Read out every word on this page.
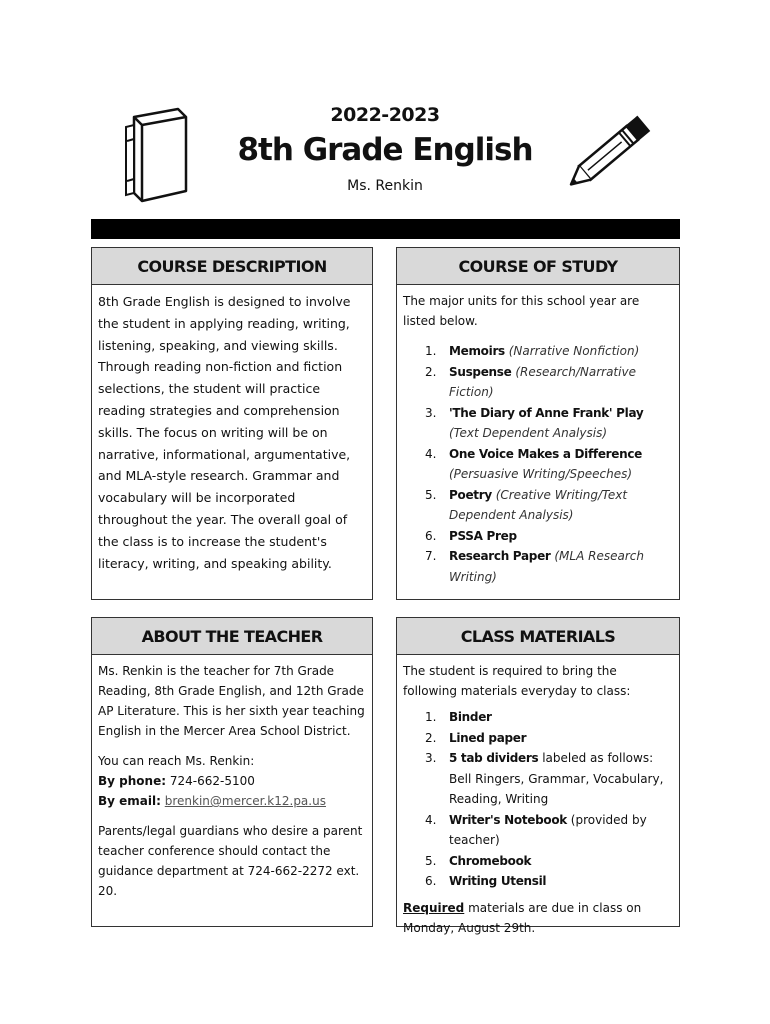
2022-2023
8th Grade English
Ms. Renkin
COURSE DESCRIPTION

8th Grade English is designed to involve the student in applying reading, writing, listening, speaking, and viewing skills. Through reading non-fiction and fiction selections, the student will practice reading strategies and comprehension skills. The focus on writing will be on narrative, informational, argumentative, and MLA-style research. Grammar and vocabulary will be incorporated throughout the year. The overall goal of the class is to increase the student's literacy, writing, and speaking ability.

COURSE OF STUDY

The major units for this school year are listed below.

1. Memoirs (Narrative Nonfiction)
2. Suspense (Research/Narrative Fiction)
3. 'The Diary of Anne Frank' Play (Text Dependent Analysis)
4. One Voice Makes a Difference (Persuasive Writing/Speeches)
5. Poetry (Creative Writing/Text Dependent Analysis)
6. PSSA Prep
7. Research Paper (MLA Research Writing)
ABOUT THE TEACHER

Ms. Renkin is the teacher for 7th Grade Reading, 8th Grade English, and 12th Grade AP Literature. This is her sixth year teaching English in the Mercer Area School District.

You can reach Ms. Renkin:

By phone: 724-662-5100

By email: brenkin@mercer.k12.pa.us

Parents/legal guardians who desire a parent teacher conference should contact the guidance department at 724-662-2272 ext. 20.

CLASS MATERIALS

The student is required to bring the following materials everyday to class:

1. Binder
2. Lined paper
3. 5 tab dividers labeled as follows: Bell Ringers, Grammar, Vocabulary, Reading, Writing
4. Writer's Notebook (provided by teacher)
5. Chromebook
6. Writing Utensil

Required materials are due in class on Monday, August 29th.
